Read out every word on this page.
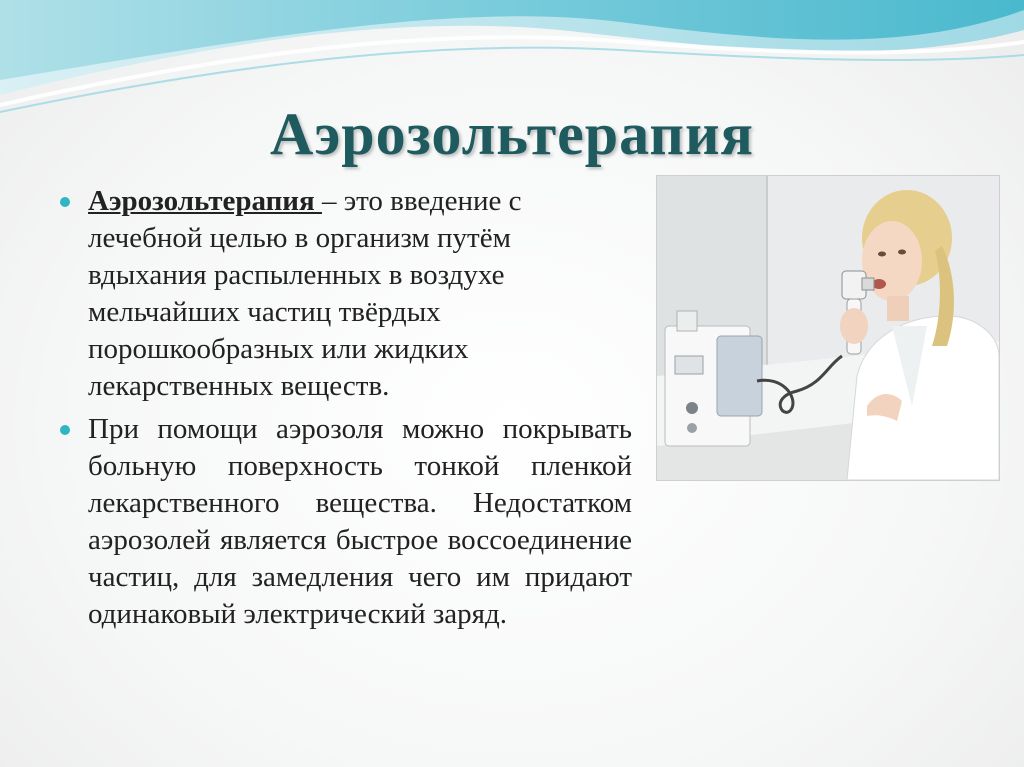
Аэрозольтерапия
Аэрозольтерапия – это введение с лечебной целью в организм путём вдыхания распыленных в воздухе мельчайших частиц твёрдых порошкообразных или жидких лекарственных веществ.
При помощи аэрозоля можно покрывать больную поверхность тонкой пленкой лекарственного вещества. Недостатком аэрозолей является быстрое воссоединение частиц, для замедления чего им придают одинаковый электрический заряд.
